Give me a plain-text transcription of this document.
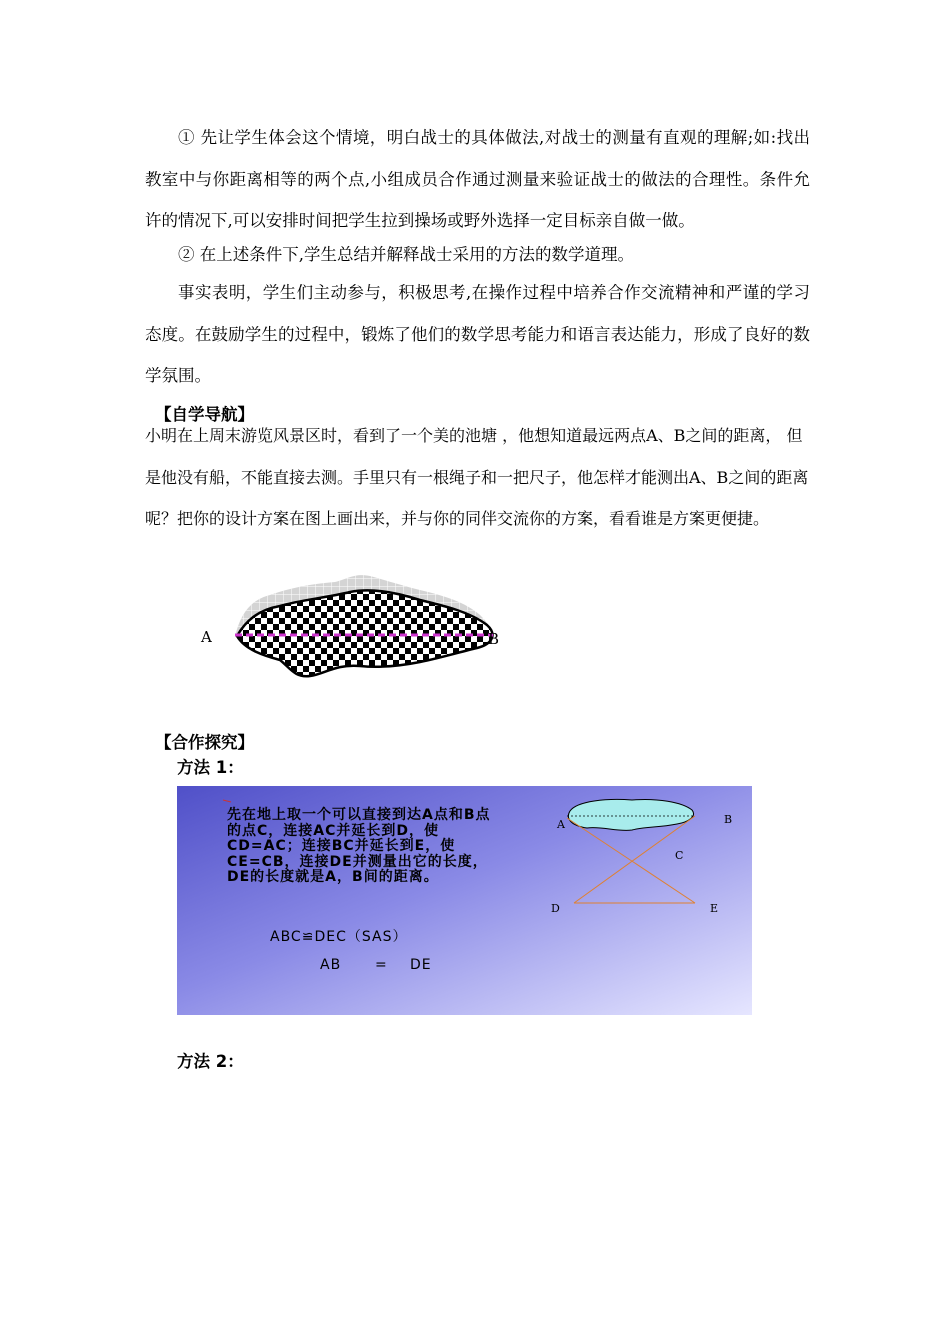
① 先让学生体会这个情境，明白战士的具体做法,对战士的测量有直观的理解;如:找出教室中与你距离相等的两个点,小组成员合作通过测量来验证战士的做法的合理性。条件允许的情况下,可以安排时间把学生拉到操场或野外选择一定目标亲自做一做。

② 在上述条件下,学生总结并解释战士采用的方法的数学道理。

事实表明，学生们主动参与，积极思考,在操作过程中培养合作交流精神和严谨的学习态度。在鼓励学生的过程中，锻炼了他们的数学思考能力和语言表达能力，形成了良好的数学氛围。

【自学导航】

小明在上周末游览风景区时，看到了一个美的池塘 ，他想知道最远两点A、B之间的距离， 但是他没有船，不能直接去测。手里只有一根绳子和一把尺子，他怎样才能测出A、B之间的距离呢？把你的设计方案在图上画出来，并与你的同伴交流你的方案，看看谁是方案更便捷。

A	B

【合作探究】

方法 1：

先在地上取一个可以直接到达A点和B点的点C，连接AC并延长到D，使CD=AC；连接BC并延长到E，使CE=CB，连接DE并测量出它的长度，DE的长度就是A，B间的距离。

ABC≌DEC（SAS）
AB = DE
A	B
C
D	E

方法 2：
